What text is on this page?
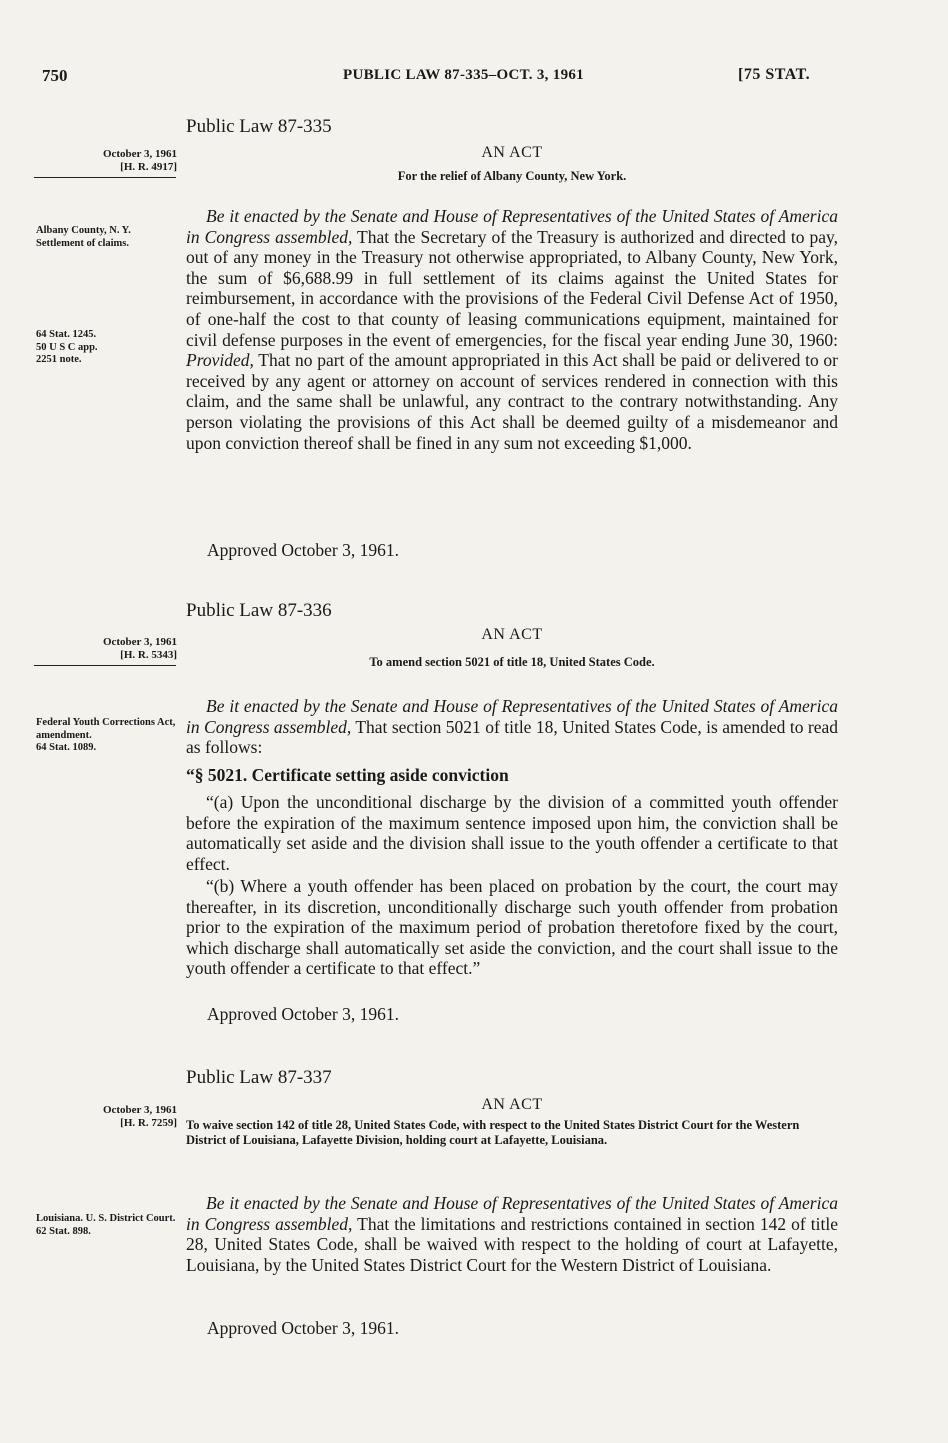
750	PUBLIC LAW 87-335–OCT. 3, 1961	[75 STAT.
Public Law 87-335
October 3, 1961
[H. R. 4917]
AN ACT
For the relief of Albany County, New York.
Albany County, N. Y.
Settlement of claims.
64 Stat. 1245.
50 U S C app.
2251 note.
Be it enacted by the Senate and House of Representatives of the United States of America in Congress assembled, That the Secretary of the Treasury is authorized and directed to pay, out of any money in the Treasury not otherwise appropriated, to Albany County, New York, the sum of $6,688.99 in full settlement of its claims against the United States for reimbursement, in accordance with the provisions of the Federal Civil Defense Act of 1950, of one-half the cost to that county of leasing communications equipment, maintained for civil defense purposes in the event of emergencies, for the fiscal year ending June 30, 1960: Provided, That no part of the amount appropriated in this Act shall be paid or delivered to or received by any agent or attorney on account of services rendered in connection with this claim, and the same shall be unlawful, any contract to the contrary notwithstanding. Any person violating the provisions of this Act shall be deemed guilty of a misdemeanor and upon conviction thereof shall be fined in any sum not exceeding $1,000.
Approved October 3, 1961.
Public Law 87-336
October 3, 1961
[H. R. 5343]
AN ACT
To amend section 5021 of title 18, United States Code.
Federal Youth Corrections Act, amendment.
64 Stat. 1089.
Be it enacted by the Senate and House of Representatives of the United States of America in Congress assembled, That section 5021 of title 18, United States Code, is amended to read as follows:
“§ 5021. Certificate setting aside conviction
“(a) Upon the unconditional discharge by the division of a committed youth offender before the expiration of the maximum sentence imposed upon him, the conviction shall be automatically set aside and the division shall issue to the youth offender a certificate to that effect.
“(b) Where a youth offender has been placed on probation by the court, the court may thereafter, in its discretion, unconditionally discharge such youth offender from probation prior to the expiration of the maximum period of probation theretofore fixed by the court, which discharge shall automatically set aside the conviction, and the court shall issue to the youth offender a certificate to that effect.”
Approved October 3, 1961.
Public Law 87-337
October 3, 1961
[H. R. 7259]
AN ACT
To waive section 142 of title 28, United States Code, with respect to the United States District Court for the Western District of Louisiana, Lafayette Division, holding court at Lafayette, Louisiana.
Louisiana. U. S. District Court.
62 Stat. 898.
Be it enacted by the Senate and House of Representatives of the United States of America in Congress assembled, That the limitations and restrictions contained in section 142 of title 28, United States Code, shall be waived with respect to the holding of court at Lafayette, Louisiana, by the United States District Court for the Western District of Louisiana.
Approved October 3, 1961.
